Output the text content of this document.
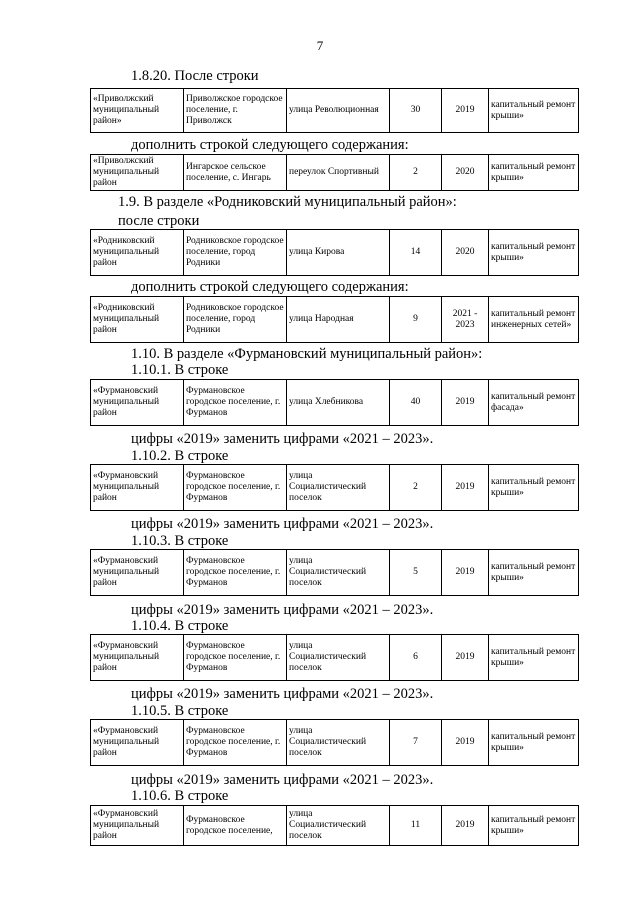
7
1.8.20. После строки
«Приволжский муниципальный район»	Приволжское городское поселение, г. Приволжск	улица Революционная	30	2019	капитальный ремонт крыши»
дополнить строкой следующего содержания:
«Приволжский муниципальный район	Ингарское сельское поселение, с. Ингарь	переулок Спортивный	2	2020	капитальный ремонт крыши»
1.9. В разделе «Родниковский муниципальный район»:
после строки
«Родниковский муниципальный район	Родниковское городское поселение, город Родники	улица Кирова	14	2020	капитальный ремонт крыши»
дополнить строкой следующего содержания:
«Родниковский муниципальный район	Родниковское городское поселение, город Родники	улица Народная	9	2021 - 2023	капитальный ремонт инженерных сетей»
1.10. В разделе «Фурмановский муниципальный район»:
1.10.1. В строке
«Фурмановский муниципальный район	Фурмановское городское поселение, г. Фурманов	улица Хлебникова	40	2019	капитальный ремонт фасада»
цифры «2019» заменить цифрами «2021 – 2023».
1.10.2. В строке
«Фурмановский муниципальный район	Фурмановское городское поселение, г. Фурманов	улица Социалистический поселок	2	2019	капитальный ремонт крыши»
цифры «2019» заменить цифрами «2021 – 2023».
1.10.3. В строке
«Фурмановский муниципальный район	Фурмановское городское поселение, г. Фурманов	улица Социалистический поселок	5	2019	капитальный ремонт крыши»
цифры «2019» заменить цифрами «2021 – 2023».
1.10.4. В строке
«Фурмановский муниципальный район	Фурмановское городское поселение, г. Фурманов	улица Социалистический поселок	6	2019	капитальный ремонт крыши»
цифры «2019» заменить цифрами «2021 – 2023».
1.10.5. В строке
«Фурмановский муниципальный район	Фурмановское городское поселение, г. Фурманов	улица Социалистический поселок	7	2019	капитальный ремонт крыши»
цифры «2019» заменить цифрами «2021 – 2023».
1.10.6. В строке
«Фурмановский муниципальный район	Фурмановское городское поселение,	улица Социалистический поселок	11	2019	капитальный ремонт крыши»
